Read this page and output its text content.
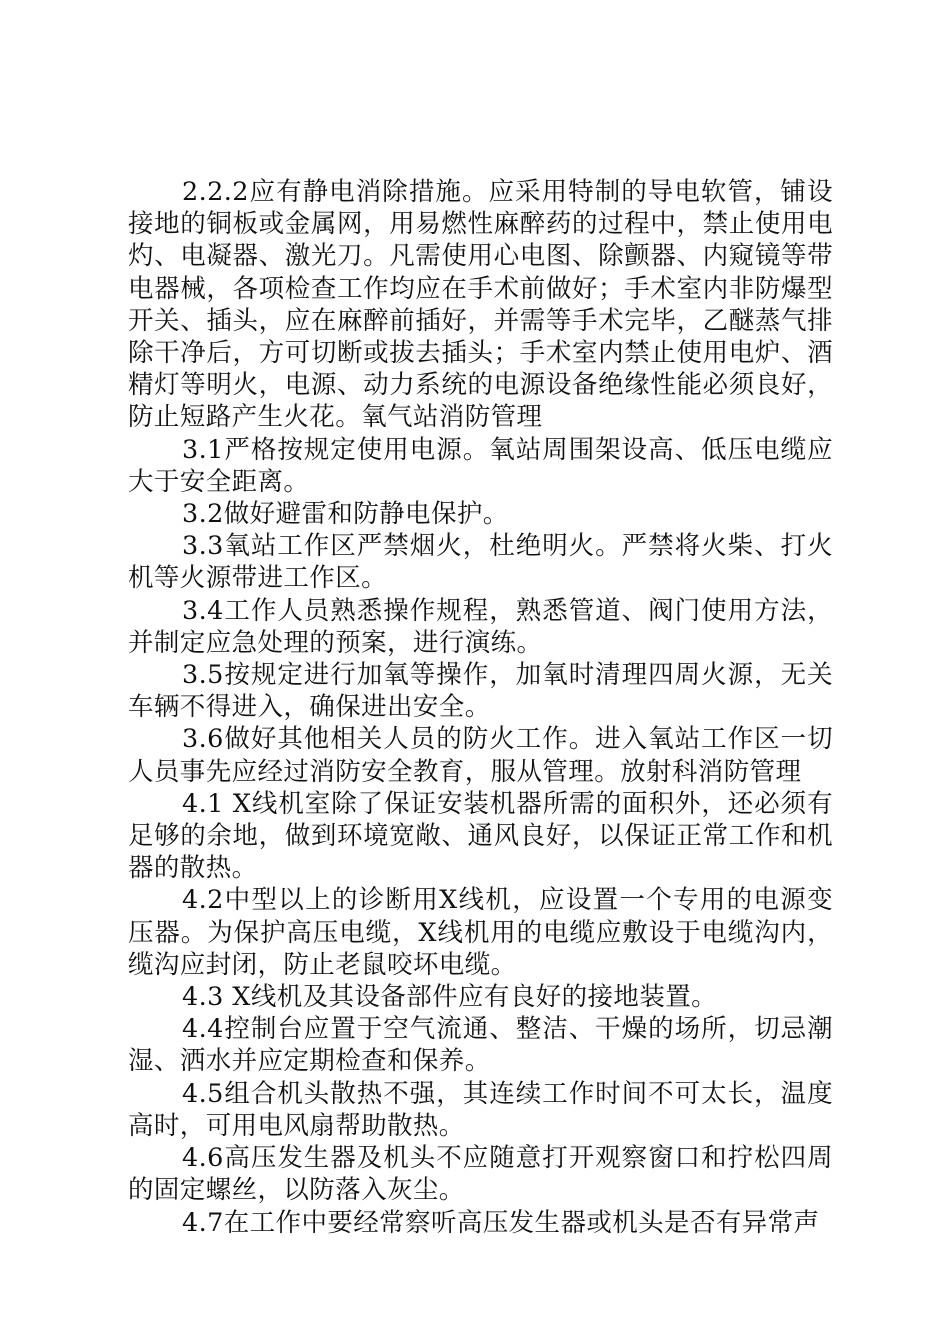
2.2.2应有静电消除措施。应采用特制的导电软管，铺设接地的铜板或金属网，用易燃性麻醉药的过程中，禁止使用电灼、电凝器、激光刀。凡需使用心电图、除颤器、内窥镜等带电器械，各项检查工作均应在手术前做好；手术室内非防爆型开关、插头，应在麻醉前插好，并需等手术完毕，乙醚蒸气排除干净后，方可切断或拔去插头；手术室内禁止使用电炉、酒精灯等明火，电源、动力系统的电源设备绝缘性能必须良好，防止短路产生火花。氧气站消防管理

3.1严格按规定使用电源。氧站周围架设高、低压电缆应大于安全距离。

3.2做好避雷和防静电保护。

3.3氧站工作区严禁烟火，杜绝明火。严禁将火柴、打火机等火源带进工作区。

3.4工作人员熟悉操作规程，熟悉管道、阀门使用方法，并制定应急处理的预案，进行演练。

3.5按规定进行加氧等操作，加氧时清理四周火源，无关车辆不得进入，确保进出安全。

3.6做好其他相关人员的防火工作。进入氧站工作区一切人员事先应经过消防安全教育，服从管理。放射科消防管理

4.1 X线机室除了保证安装机器所需的面积外，还必须有足够的余地，做到环境宽敞、通风良好，以保证正常工作和机器的散热。

4.2中型以上的诊断用X线机，应设置一个专用的电源变压器。为保护高压电缆，X线机用的电缆应敷设于电缆沟内，缆沟应封闭，防止老鼠咬坏电缆。

4.3 X线机及其设备部件应有良好的接地装置。

4.4控制台应置于空气流通、整洁、干燥的场所，切忌潮湿、洒水并应定期检查和保养。

4.5组合机头散热不强，其连续工作时间不可太长，温度高时，可用电风扇帮助散热。

4.6高压发生器及机头不应随意打开观察窗口和拧松四周的固定螺丝，以防落入灰尘。

4.7在工作中要经常察听高压发生器或机头是否有异常声
